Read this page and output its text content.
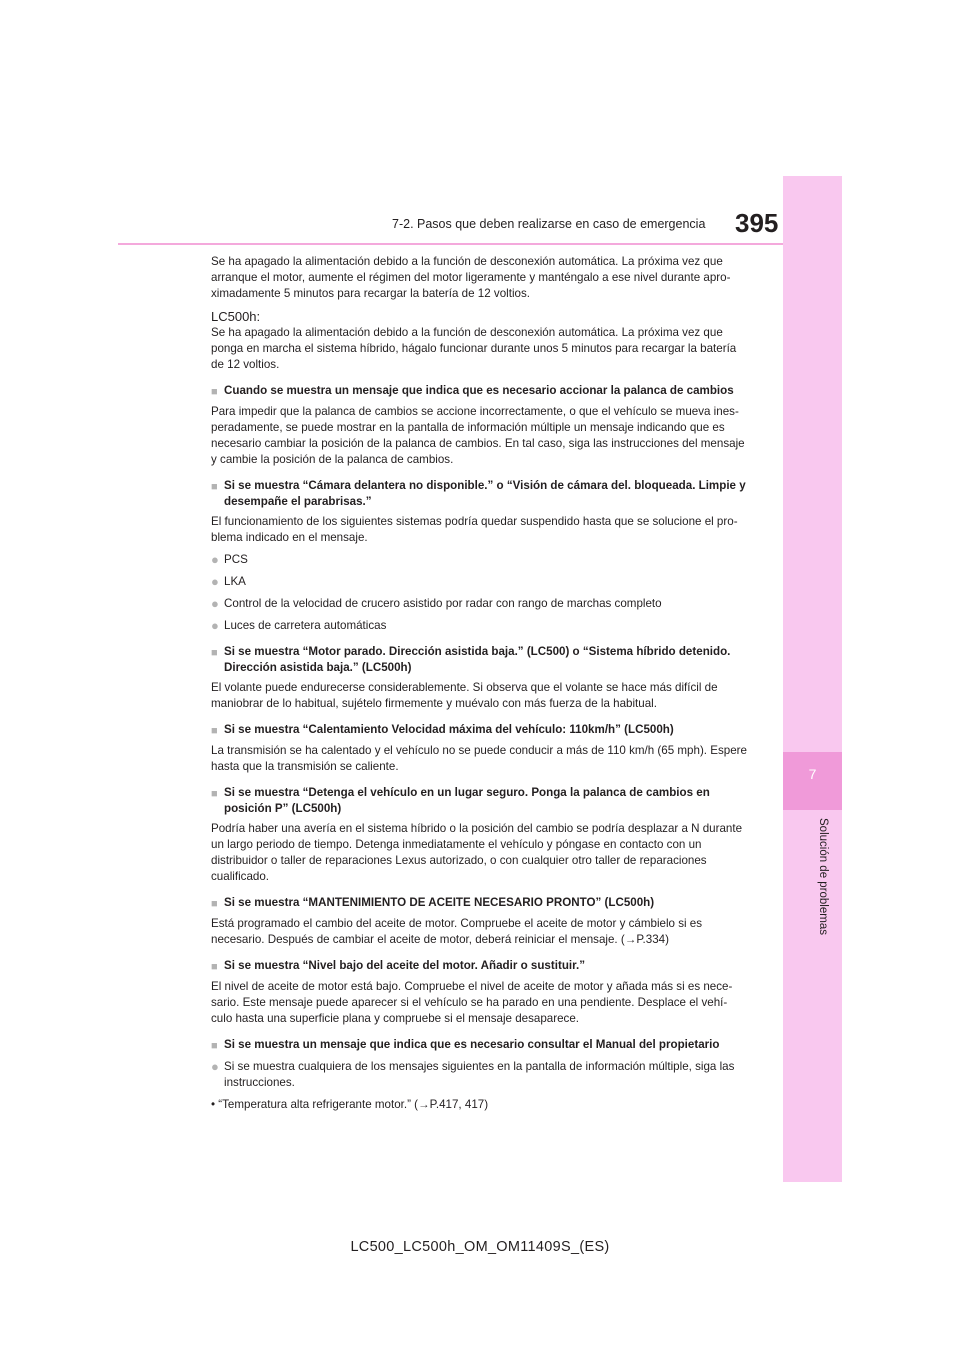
7
Solución de problemas
7-2. Pasos que deben realizarse en caso de emergencia 395

Se ha apagado la alimentación debido a la función de desconexión automática. La próxima vez que arranque el motor, aumente el régimen del motor ligeramente y manténgalo a ese nivel durante apro- ximadamente 5 minutos para recargar la batería de 12 voltios.

LC500h:

Se ha apagado la alimentación debido a la función de desconexión automática. La próxima vez que ponga en marcha el sistema híbrido, hágalo funcionar durante unos 5 minutos para recargar la batería de 12 voltios.

■ Cuando se muestra un mensaje que indica que es necesario accionar la palanca de cambios

Para impedir que la palanca de cambios se accione incorrectamente, o que el vehículo se mueva ines- peradamente, se puede mostrar en la pantalla de información múltiple un mensaje indicando que es necesario cambiar la posición de la palanca de cambios. En tal caso, siga las instrucciones del mensaje y cambie la posición de la palanca de cambios.

■ Si se muestra “Cámara delantera no disponible.” o “Visión de cámara del. bloqueada. Limpie y desempañe el parabrisas.”

El funcionamiento de los siguientes sistemas podría quedar suspendido hasta que se solucione el pro- blema indicado en el mensaje.

● PCS
● LKA
● Control de la velocidad de crucero asistido por radar con rango de marchas completo
● Luces de carretera automáticas
■ Si se muestra “Motor parado. Dirección asistida baja.” (LC500) o “Sistema híbrido detenido. Dirección asistida baja.” (LC500h)

El volante puede endurecerse considerablemente. Si observa que el volante se hace más difícil de maniobrar de lo habitual, sujételo firmemente y muévalo con más fuerza de la habitual.

■ Si se muestra “Calentamiento Velocidad máxima del vehículo: 110km/h” (LC500h)

La transmisión se ha calentado y el vehículo no se puede conducir a más de 110 km/h (65 mph). Espere hasta que la transmisión se caliente.

■ Si se muestra “Detenga el vehículo en un lugar seguro. Ponga la palanca de cambios en posición P” (LC500h)

Podría haber una avería en el sistema híbrido o la posición del cambio se podría desplazar a N durante un largo periodo de tiempo. Detenga inmediatamente el vehículo y póngase en contacto con un distribuidor o taller de reparaciones Lexus autorizado, o con cualquier otro taller de reparaciones cualificado.

■ Si se muestra “MANTENIMIENTO DE ACEITE NECESARIO PRONTO” (LC500h)

Está programado el cambio del aceite de motor. Compruebe el aceite de motor y cámbielo si es necesario. Después de cambiar el aceite de motor, deberá reiniciar el mensaje. (→P.334)

■ Si se muestra “Nivel bajo del aceite del motor. Añadir o sustituir.”

El nivel de aceite de motor está bajo. Compruebe el nivel de aceite de motor y añada más si es nece- sario. Este mensaje puede aparecer si el vehículo se ha parado en una pendiente. Desplace el vehí- culo hasta una superficie plana y compruebe si el mensaje desaparece.

■ Si se muestra un mensaje que indica que es necesario consultar el Manual del propietario
● Si se muestra cualquiera de los mensajes siguientes en la pantalla de información múltiple, siga las instrucciones.

• “Temperatura alta refrigerante motor.” (→P.417, 417)

LC500_LC500h_OM_OM11409S_(ES)
